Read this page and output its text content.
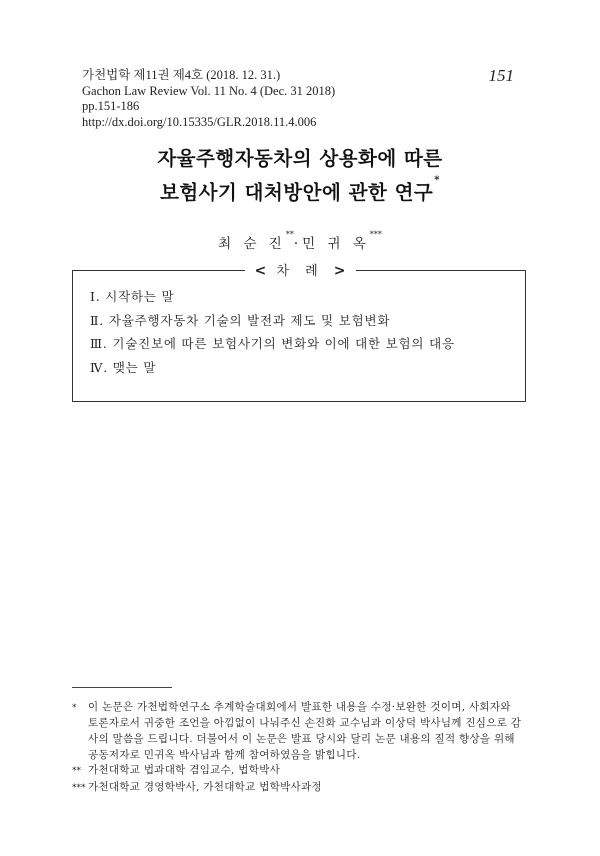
가천법학 제11권 제4호 (2018. 12. 31.)
Gachon Law Review Vol. 11 No. 4 (Dec. 31 2018)
pp.151-186
http://dx.doi.org/10.15335/GLR.2018.11.4.006
151
자율주행자동차의 상용화에 따른
보험사기 대처방안에 관한 연구*
최 순 진**·민 귀 옥***
< 차 례 >
Ⅰ. 시작하는 말
Ⅱ. 자율주행자동차 기술의 발전과 제도 및 보험변화
Ⅲ. 기술진보에 따른 보험사기의 변화와 이에 대한 보험의 대응
Ⅳ. 맺는 말
* 이 논문은 가천법학연구소 추계학술대회에서 발표한 내용을 수정·보완한 것이며, 사회자와
토론자로서 귀중한 조언을 아낌없이 나눠주신 손진화 교수님과 이상덕 박사님께 진심으로 감
사의 말씀을 드립니다. 더불어서 이 논문은 발표 당시와 달리 논문 내용의 질적 향상을 위해
공동저자로 민귀옥 박사님과 함께 참여하였음을 밝힙니다.
** 가천대학교 법과대학 겸임교수, 법학박사
*** 가천대학교 경영학박사, 가천대학교 법학박사과정
